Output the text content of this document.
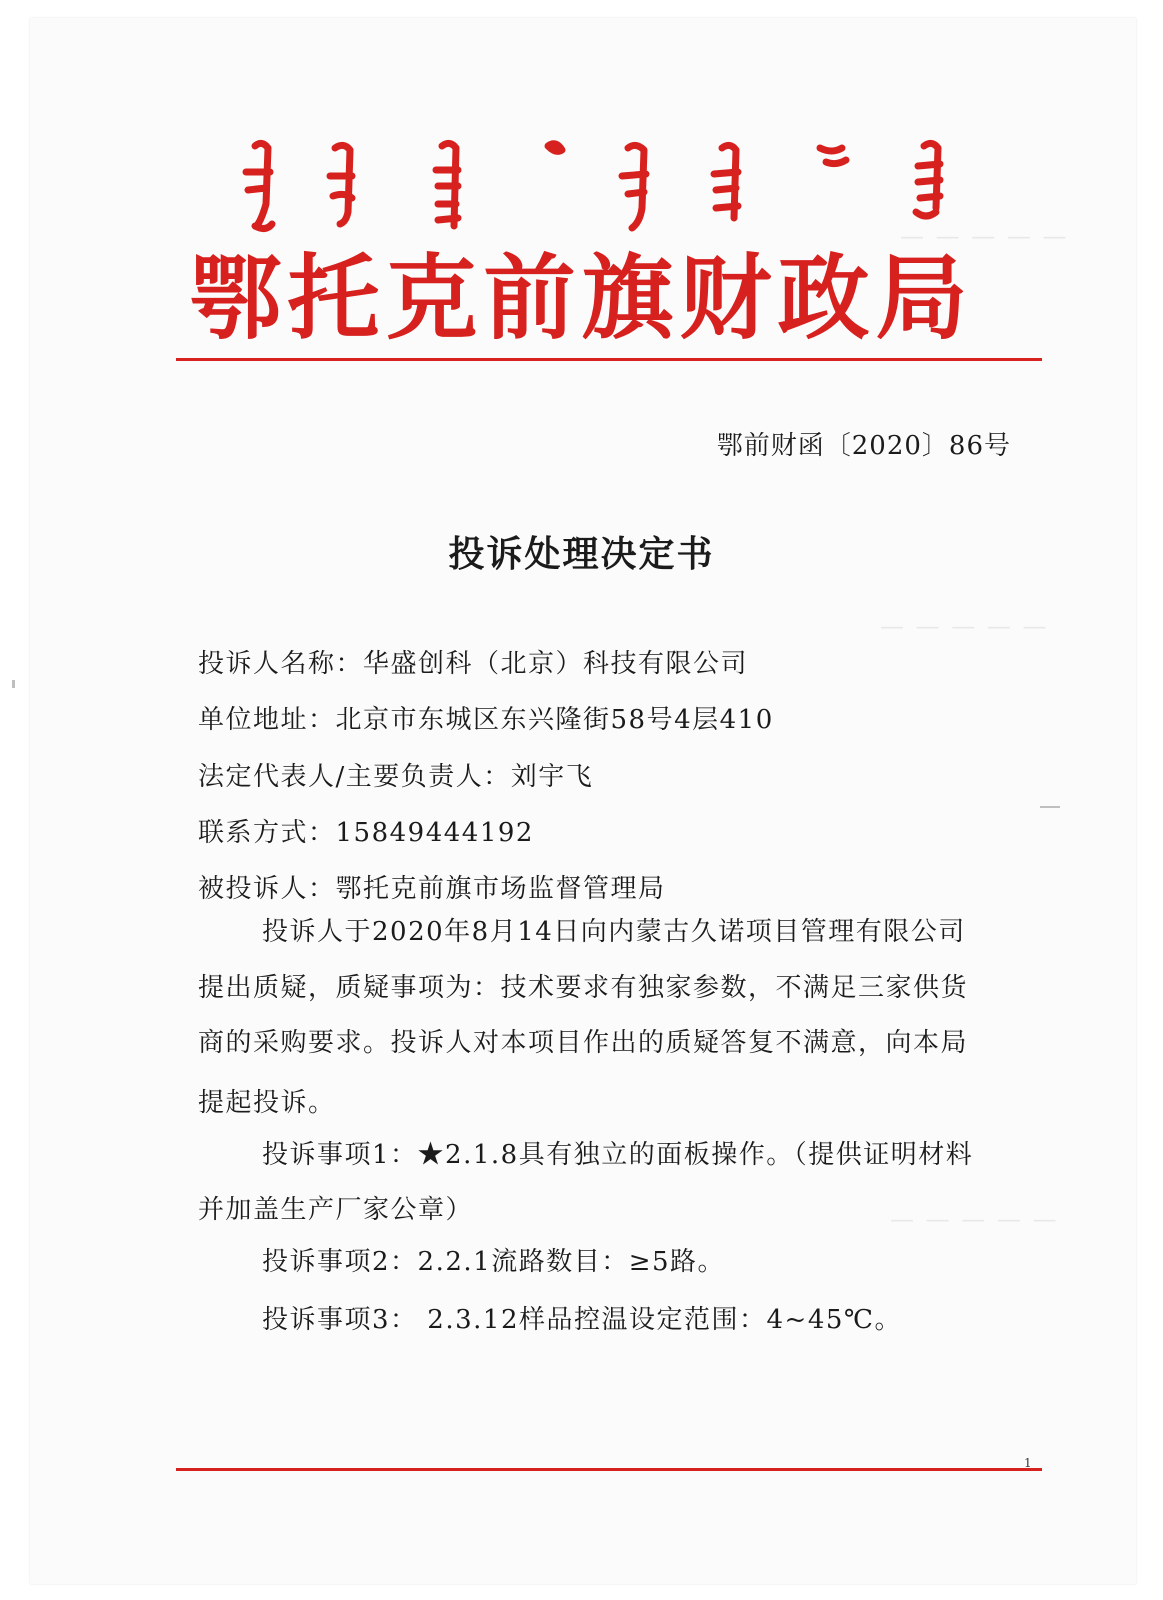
— — — — —
— — — — —
— — — — —
鄂托克前旗财政局
鄂前财函〔2020〕86号
投诉处理决定书
投诉人名称：华盛创科（北京）科技有限公司
单位地址：北京市东城区东兴隆街58号4层410
法定代表人/主要负责人：刘宇飞
联系方式：15849444192
被投诉人：鄂托克前旗市场监督管理局
投诉人于2020年8月14日向内蒙古久诺项目管理有限公司
提出质疑，质疑事项为：技术要求有独家参数，不满足三家供货
商的采购要求。投诉人对本项目作出的质疑答复不满意，向本局
提起投诉。
投诉事项1：★2.1.8具有独立的面板操作。（提供证明材料
并加盖生产厂家公章）
投诉事项2：2.2.1流路数目：≥5路。
投诉事项3： 2.3.12样品控温设定范围：4~45℃。
1
